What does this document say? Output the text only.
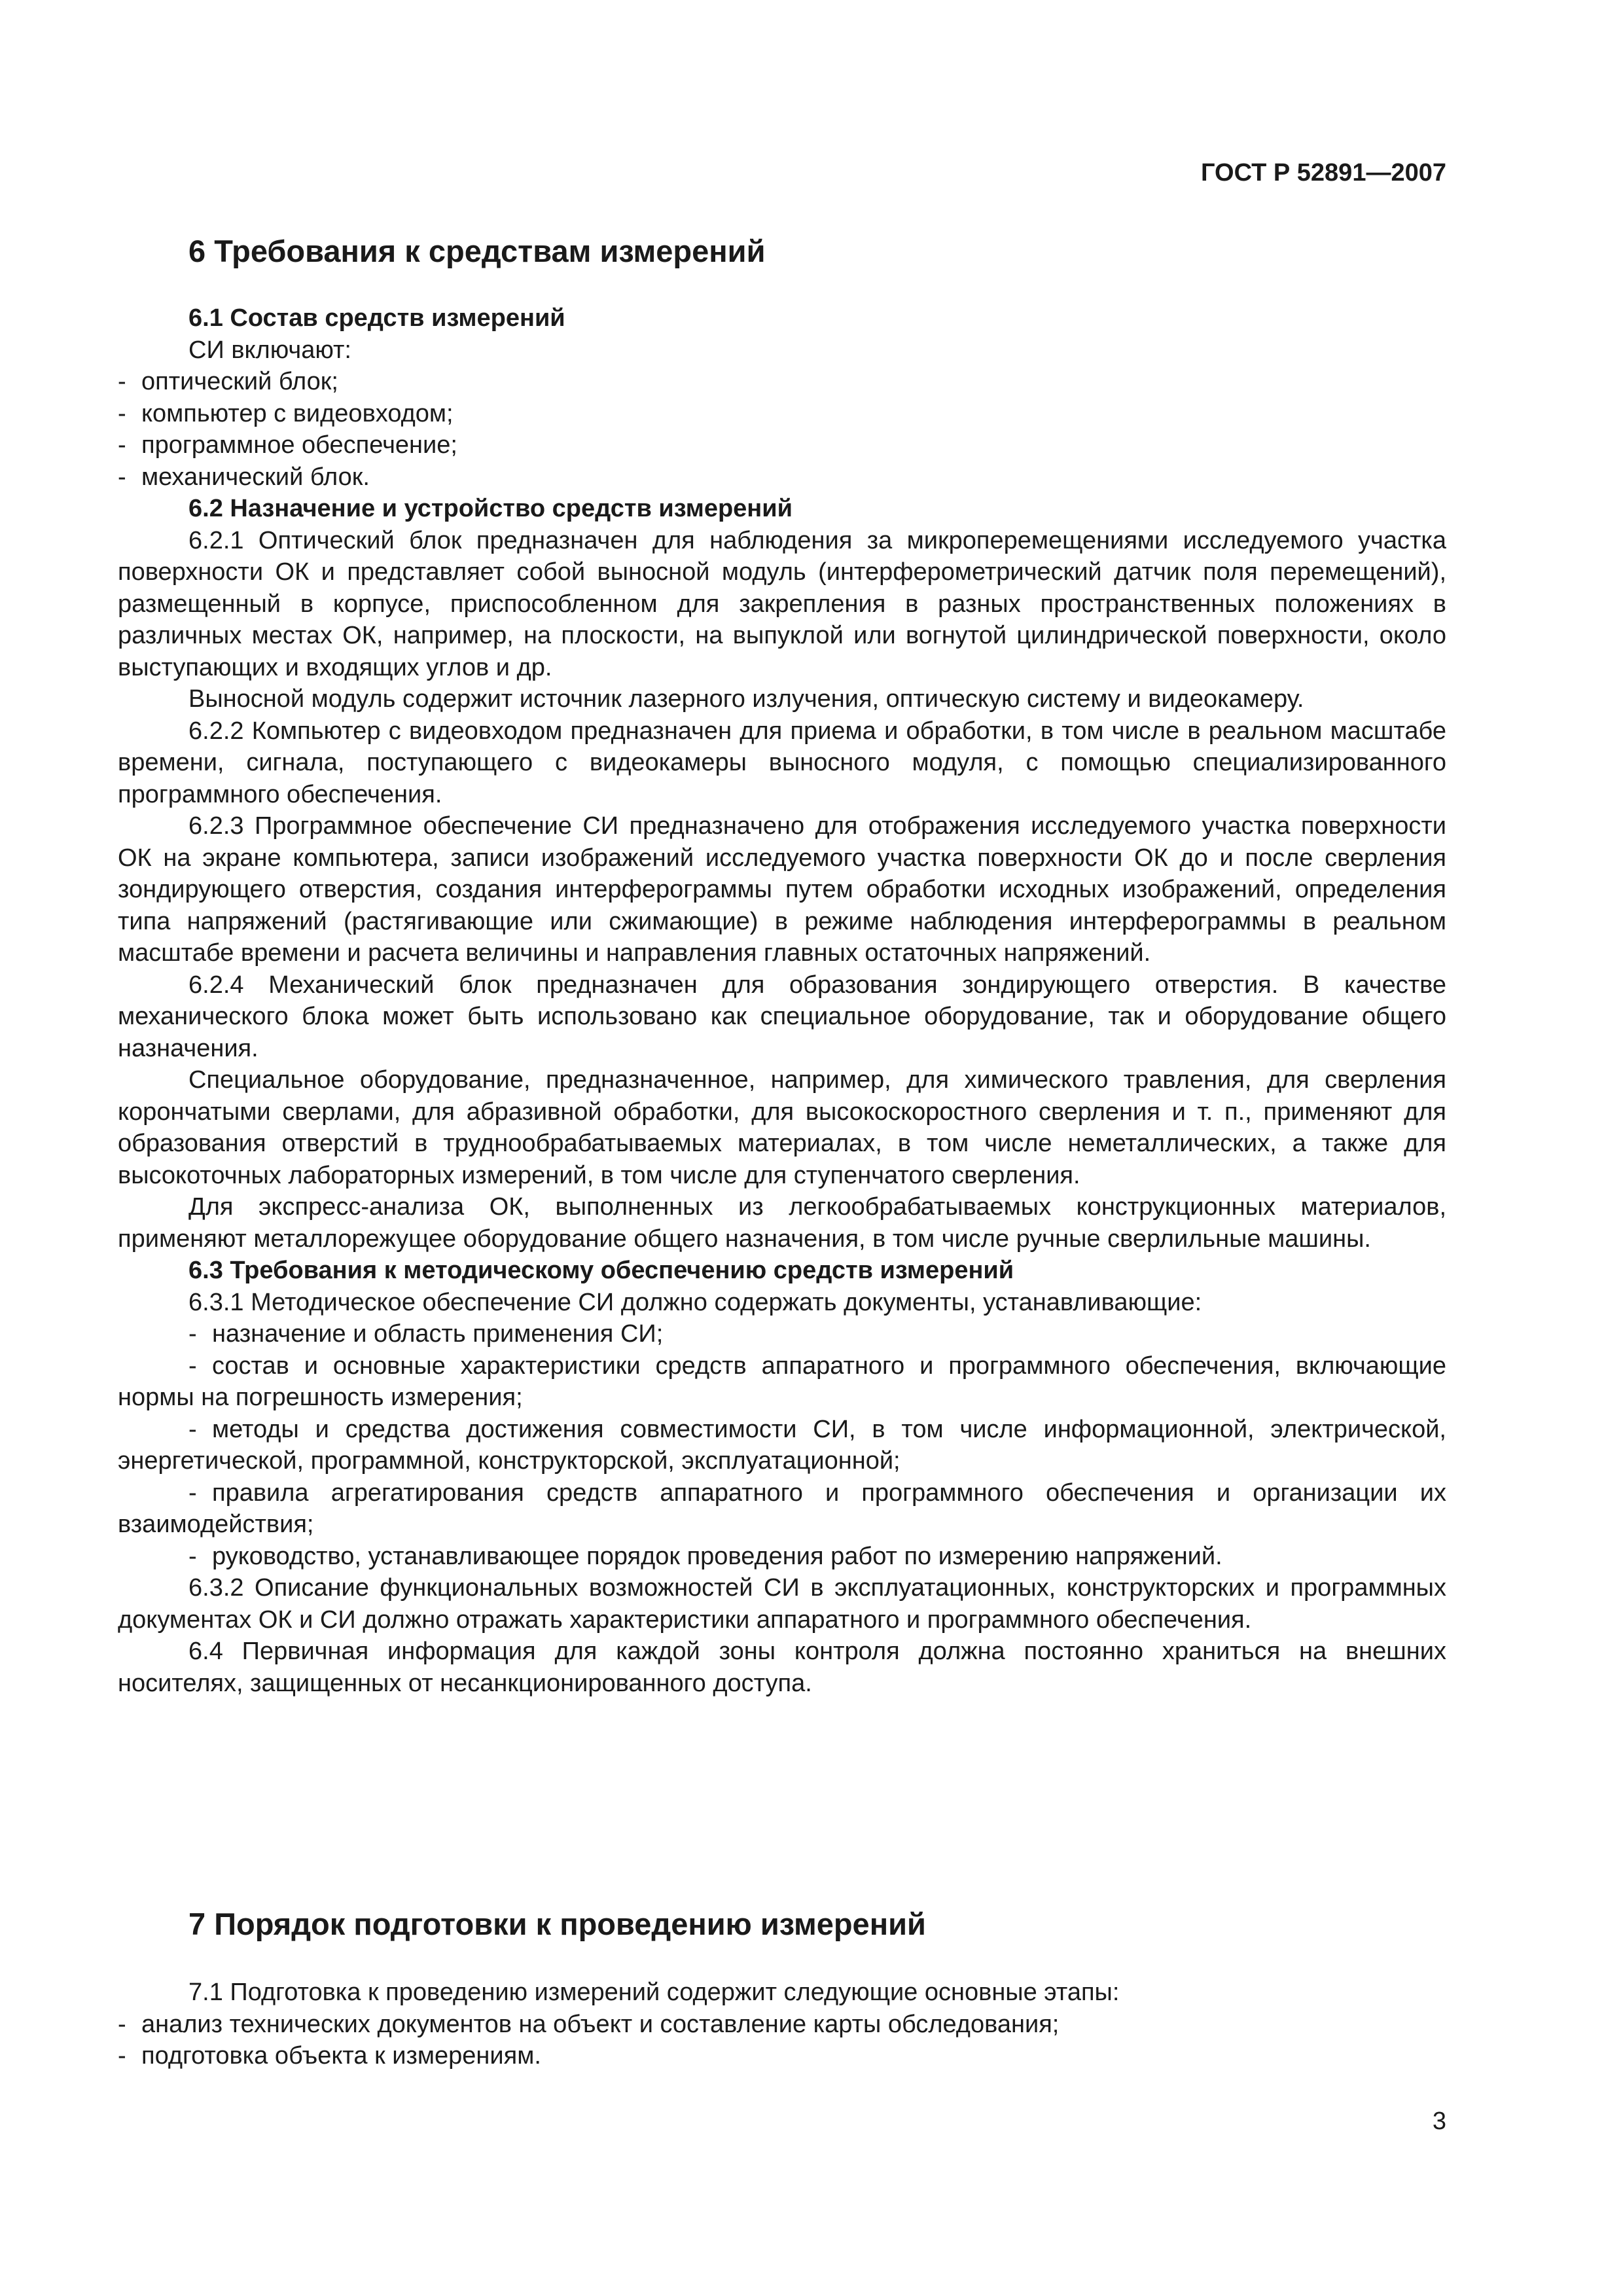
ГОСТ Р 52891—2007
6 Требования к средствам измерений

6.1 Состав средств измерений

СИ включают:

- оптический блок;

- компьютер с видеовходом;

- программное обеспечение;

- механический блок.

6.2 Назначение и устройство средств измерений

6.2.1 Оптический блок предназначен для наблюдения за микроперемещениями исследуемого участка поверхности ОК и представляет собой выносной модуль (интерферометрический датчик поля перемещений), размещенный в корпусе, приспособленном для закрепления в разных пространственных положениях в различных местах ОК, например, на плоскости, на выпуклой или вогнутой цилиндрической поверхности, около выступающих и входящих углов и др.

Выносной модуль содержит источник лазерного излучения, оптическую систему и видеокамеру.

6.2.2 Компьютер с видеовходом предназначен для приема и обработки, в том числе в реальном масштабе времени, сигнала, поступающего с видеокамеры выносного модуля, с помощью специализированного программного обеспечения.

6.2.3 Программное обеспечение СИ предназначено для отображения исследуемого участка поверхности ОК на экране компьютера, записи изображений исследуемого участка поверхности ОК до и после сверления зондирующего отверстия, создания интерферограммы путем обработки исходных изображений, определения типа напряжений (растягивающие или сжимающие) в режиме наблюдения интерферограммы в реальном масштабе времени и расчета величины и направления главных остаточных напряжений.

6.2.4 Механический блок предназначен для образования зондирующего отверстия. В качестве механического блока может быть использовано как специальное оборудование, так и оборудование общего назначения.

Специальное оборудование, предназначенное, например, для химического травления, для сверления корончатыми сверлами, для абразивной обработки, для высокоскоростного сверления и т. п., применяют для образования отверстий в труднообрабатываемых материалах, в том числе неметаллических, а также для высокоточных лабораторных измерений, в том числе для ступенчатого сверления.

Для экспресс-анализа ОК, выполненных из легкообрабатываемых конструкционных материалов, применяют металлорежущее оборудование общего назначения, в том числе ручные сверлильные машины.

6.3 Требования к методическому обеспечению средств измерений

6.3.1 Методическое обеспечение СИ должно содержать документы, устанавливающие:

- назначение и область применения СИ;

- состав и основные характеристики средств аппаратного и программного обеспечения, включающие нормы на погрешность измерения;

- методы и средства достижения совместимости СИ, в том числе информационной, электрической, энергетической, программной, конструкторской, эксплуатационной;

- правила агрегатирования средств аппаратного и программного обеспечения и организации их взаимодействия;

- руководство, устанавливающее порядок проведения работ по измерению напряжений.

6.3.2 Описание функциональных возможностей СИ в эксплуатационных, конструкторских и программных документах ОК и СИ должно отражать характеристики аппаратного и программного обеспечения.

6.4 Первичная информация для каждой зоны контроля должна постоянно храниться на внешних носителях, защищенных от несанкционированного доступа.

7 Порядок подготовки к проведению измерений

7.1 Подготовка к проведению измерений содержит следующие основные этапы:

- анализ технических документов на объект и составление карты обследования;

- подготовка объекта к измерениям.

3
